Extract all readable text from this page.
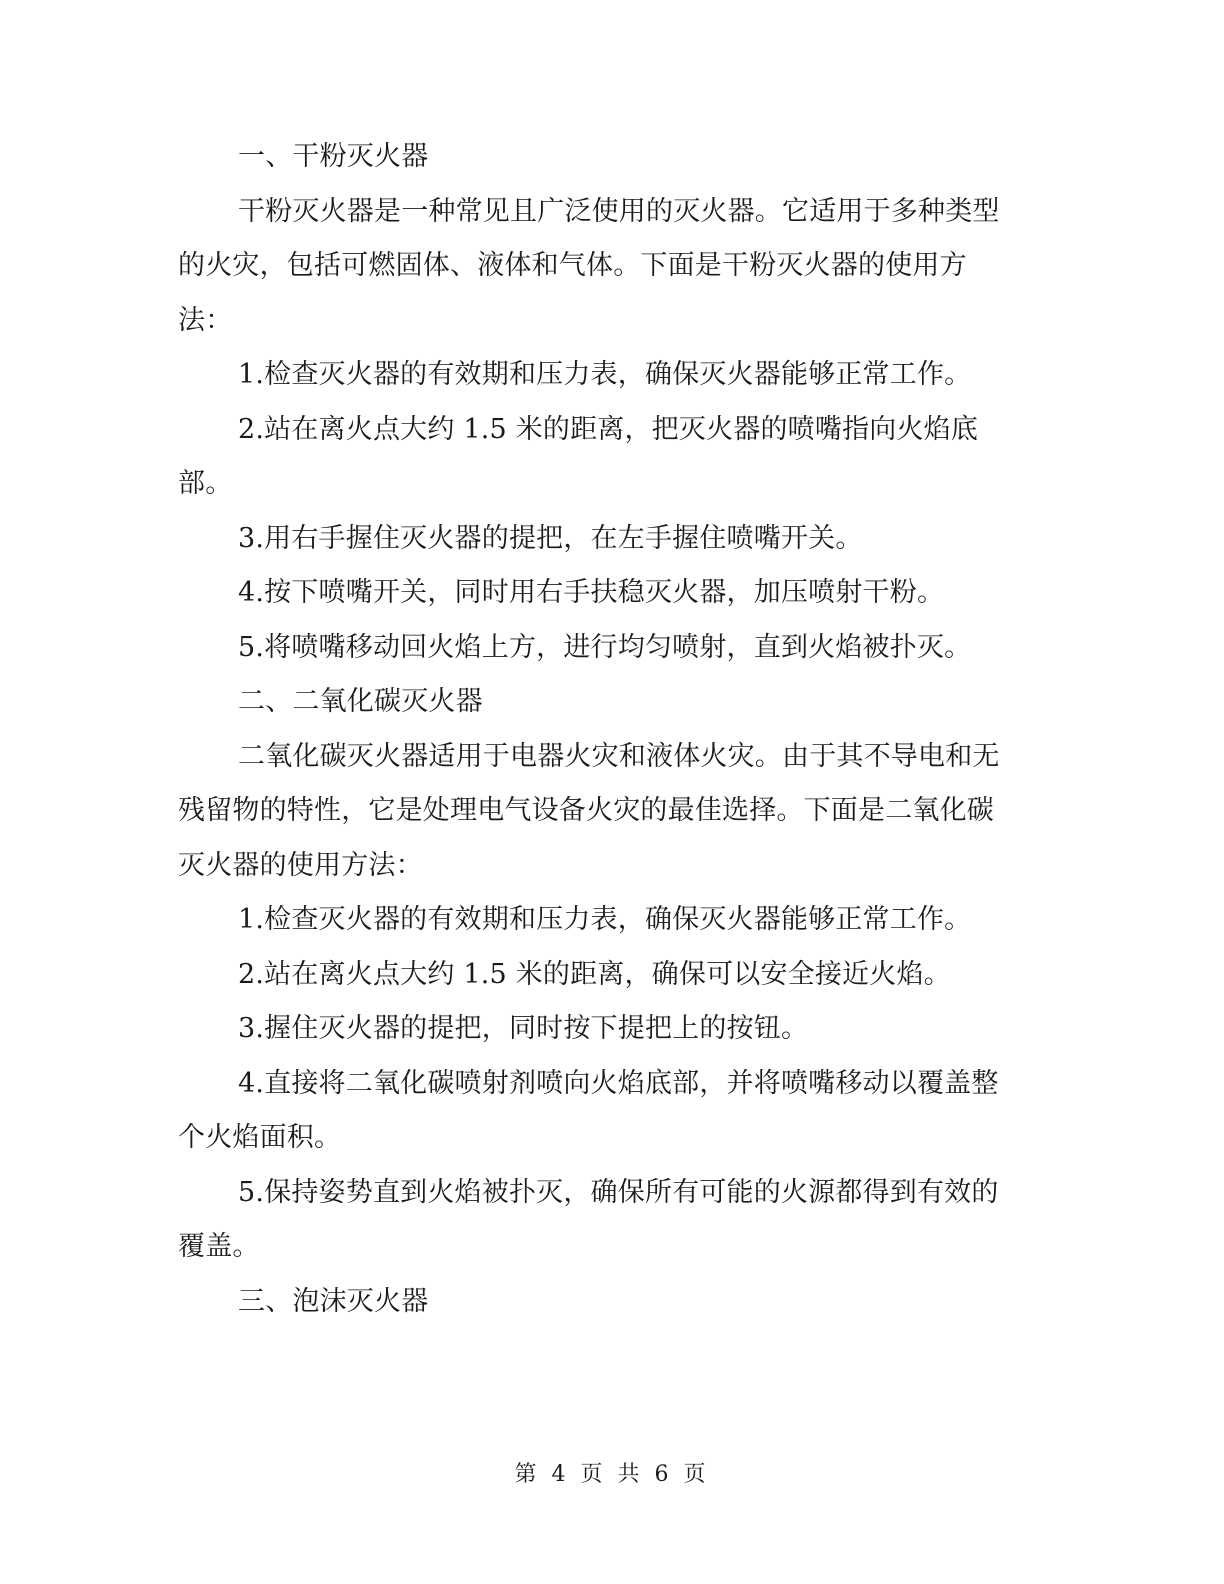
一、干粉灭火器
干粉灭火器是一种常见且广泛使用的灭火器。它适用于多种类型
的火灾，包括可燃固体、液体和气体。下面是干粉灭火器的使用方
法：
1.检查灭火器的有效期和压力表，确保灭火器能够正常工作。
2.站在离火点大约 1.5 米的距离，把灭火器的喷嘴指向火焰底
部。
3.用右手握住灭火器的提把，在左手握住喷嘴开关。
4.按下喷嘴开关，同时用右手扶稳灭火器，加压喷射干粉。
5.将喷嘴移动回火焰上方，进行均匀喷射，直到火焰被扑灭。
二、二氧化碳灭火器
二氧化碳灭火器适用于电器火灾和液体火灾。由于其不导电和无
残留物的特性，它是处理电气设备火灾的最佳选择。下面是二氧化碳
灭火器的使用方法：
1.检查灭火器的有效期和压力表，确保灭火器能够正常工作。
2.站在离火点大约 1.5 米的距离，确保可以安全接近火焰。
3.握住灭火器的提把，同时按下提把上的按钮。
4.直接将二氧化碳喷射剂喷向火焰底部，并将喷嘴移动以覆盖整
个火焰面积。
5.保持姿势直到火焰被扑灭，确保所有可能的火源都得到有效的
覆盖。
三、泡沫灭火器
第 4 页 共 6 页
